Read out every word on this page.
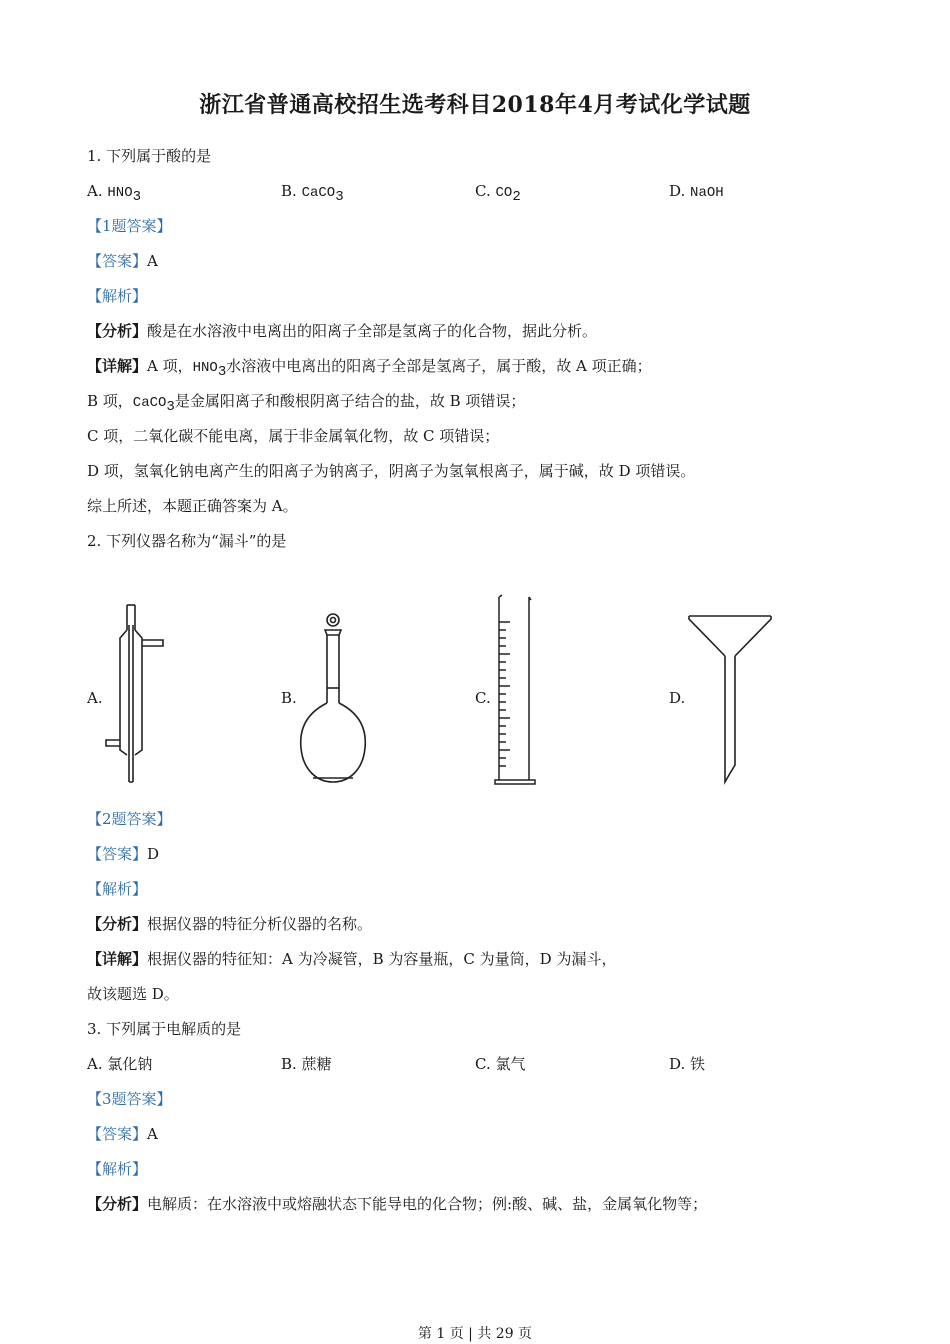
浙江省普通高校招生选考科目2018年4月考试化学试题
1. 下列属于酸的是
A. $HNO_3$	B. CaCO$_3$	C. $CO_2$	D. NaOH
【1题答案】
【答案】A
【解析】
【分析】酸是在水溶液中电离出的阳离子全部是氢离子的化合物，据此分析。
【详解】A 项，$HNO_3$水溶液中电离出的阳离子全部是氢离子，属于酸，故 A 项正确；
B 项，CaCO$_3$是金属阳离子和酸根阴离子结合的盐，故 B 项错误；
C 项，二氧化碳不能电离，属于非金属氧化物，故 C 项错误；
D 项，氢氧化钠电离产生的阳离子为钠离子，阴离子为氢氧根离子，属于碱，故 D 项错误。
综上所述，本题正确答案为 A。
2. 下列仪器名称为“漏斗”的是
A.	B.	C.	D.
【2题答案】
【答案】D
【解析】
【分析】根据仪器的特征分析仪器的名称。
【详解】根据仪器的特征知：A 为冷凝管，B 为容量瓶，C 为量筒，D 为漏斗，
故该题选 D。
3. 下列属于电解质的是
A. 氯化钠	B. 蔗糖	C. 氯气	D. 铁
【3题答案】
【答案】A
【解析】
【分析】电解质：在水溶液中或熔融状态下能导电的化合物；例:酸、碱、盐，金属氧化物等；
第 1 页 | 共 29 页
